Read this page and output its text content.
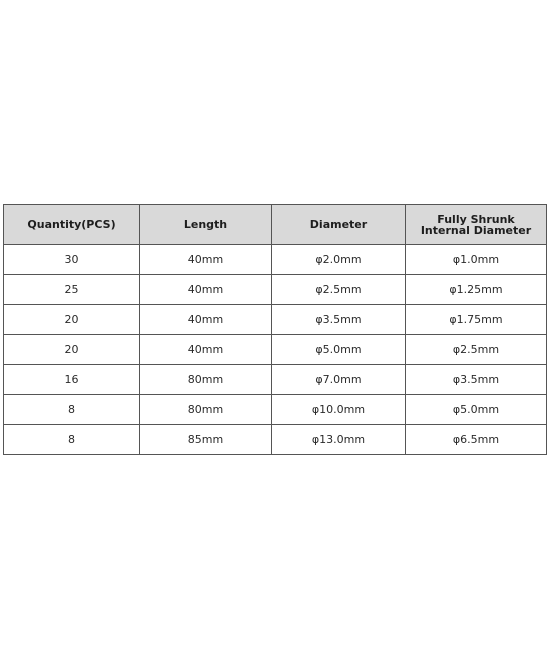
Quantity(PCS)	Length	Diameter	Fully Shrunk
Internal Diameter

30	40mm	φ2.0mm	φ1.0mm
25	40mm	φ2.5mm	φ1.25mm
20	40mm	φ3.5mm	φ1.75mm
20	40mm	φ5.0mm	φ2.5mm
16	80mm	φ7.0mm	φ3.5mm
8	80mm	φ10.0mm	φ5.0mm
8	85mm	φ13.0mm	φ6.5mm
